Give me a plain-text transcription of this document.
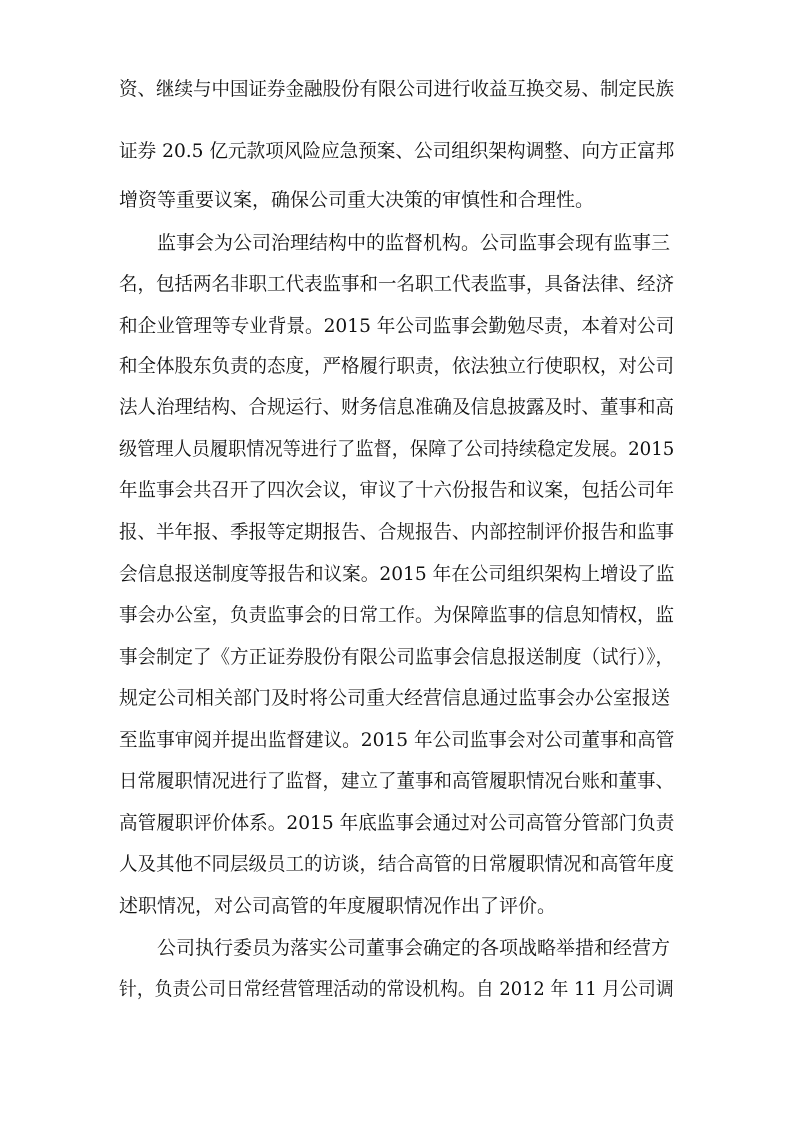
资、继续与中国证券金融股份有限公司进行收益互换交易、制定民族
证券 20.5 亿元款项风险应急预案、公司组织架构调整、向方正富邦
增资等重要议案，确保公司重大决策的审慎性和合理性。
监事会为公司治理结构中的监督机构。公司监事会现有监事三
名，包括两名非职工代表监事和一名职工代表监事，具备法律、经济
和企业管理等专业背景。2015 年公司监事会勤勉尽责，本着对公司
和全体股东负责的态度，严格履行职责，依法独立行使职权，对公司
法人治理结构、合规运行、财务信息准确及信息披露及时、董事和高
级管理人员履职情况等进行了监督，保障了公司持续稳定发展。2015
年监事会共召开了四次会议，审议了十六份报告和议案，包括公司年
报、半年报、季报等定期报告、合规报告、内部控制评价报告和监事
会信息报送制度等报告和议案。2015 年在公司组织架构上增设了监
事会办公室，负责监事会的日常工作。为保障监事的信息知情权，监
事会制定了《方正证券股份有限公司监事会信息报送制度（试行）》，
规定公司相关部门及时将公司重大经营信息通过监事会办公室报送
至监事审阅并提出监督建议。2015 年公司监事会对公司董事和高管
日常履职情况进行了监督，建立了董事和高管履职情况台账和董事、
高管履职评价体系。2015 年底监事会通过对公司高管分管部门负责
人及其他不同层级员工的访谈，结合高管的日常履职情况和高管年度
述职情况，对公司高管的年度履职情况作出了评价。
公司执行委员为落实公司董事会确定的各项战略举措和经营方
针，负责公司日常经营管理活动的常设机构。自 2012 年 11 月公司调
